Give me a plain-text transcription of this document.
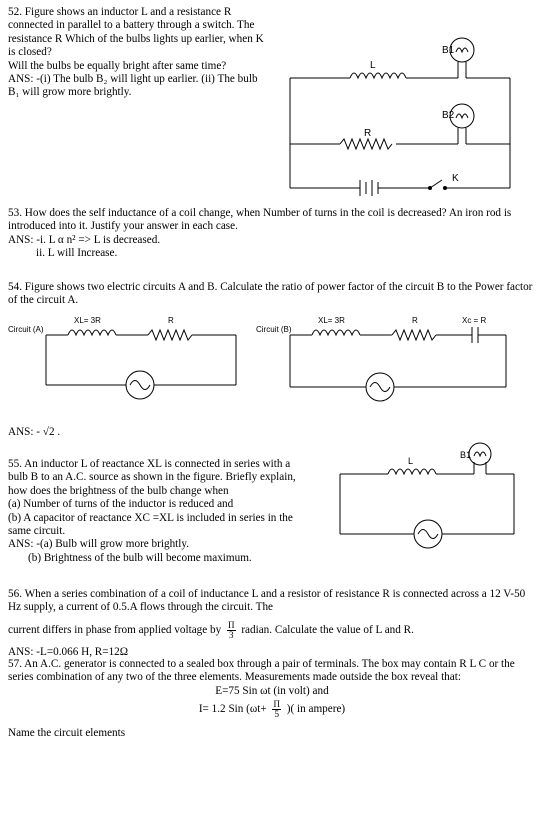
52. Figure shows an inductor L and a resistance R connected in parallel to a battery through a switch. The resistance R Which of the bulbs lights up earlier, when K is closed?

Will the bulbs be equally bright after same time?

ANS: -(i) The bulb B₂ will light up earlier. (ii) The bulb B₁ will grow more brightly.

L
R
B1
B2
K
53. How does the self inductance of a coil change, when Number of turns in the coil is decreased? An iron rod is introduced into it. Justify your answer in each case.
ANS: -i. L α n² => L is decreased.
ii. L will Increase.
54. Figure shows two electric circuits A and B. Calculate the ratio of power factor of the circuit B to the Power factor of the circuit A.
Circuit (A)
XL= 3R	R
Circuit (B)
XL= 3R	R	Xc = R
ANS: - √2 .
55. An inductor L of reactance XL is connected in series with a bulb B to an A.C. source as shown in the figure. Briefly explain, how does the brightness of the bulb change when
(a) Number of turns of the inductor is reduced and
(b) A capacitor of reactance XC =XL is included in series in the same circuit.
ANS: -(a) Bulb will grow more brightly.
(b) Brightness of the bulb will become maximum.
L
B1
56. When a series combination of a coil of inductance L and a resistor of resistance R is connected across a 12 V-50 Hz supply, a current of 0.5.A flows through the circuit. The
current differs in phase from applied voltage by $\frac{\Pi}{3}$ radian. Calculate the value of L and R.
ANS: -L=0.066 H, R=12Ω
57. An A.C. generator is connected to a sealed box through a pair of terminals. The box may contain R L C or the series combination of any two of the three elements. Measurements made outside the box reveal that:
E=75 Sin ωt (in volt) and
I= 1.2 Sin ($\omega t+ \frac{\Pi}{5}$ )( in ampere)
Name the circuit elements
